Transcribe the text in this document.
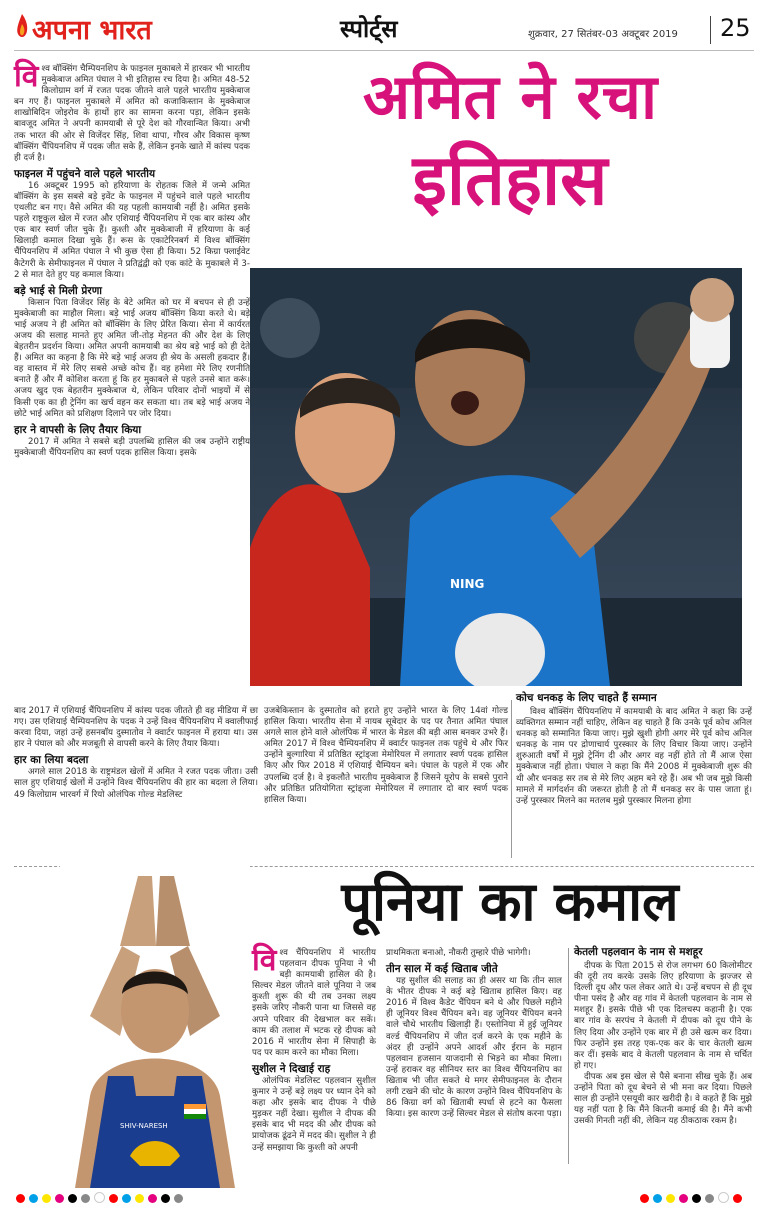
अपना भारत	स्पोर्ट्स	शुक्रवार, 27 सितंबर-03 अक्टूबर 2019 25
अमित ने रचा
इतिहास
वि श्व बॉक्सिंग चैम्पियनशिप के फाइनल मुकाबले में हारकर भी भारतीय मुक्केबाज अमित पंघाल ने भी इतिहास रच दिया है। अमित 48-52 किलोग्राम वर्ग में रजत पदक जीतने वाले पहले भारतीय मुक्केबाज बन गए हैं। फाइनल मुकाबले में अमित को कजाकिस्तान के मुक्केबाज शाखोबिदिन जोइरोव के हाथों हार का सामना करना पड़ा, लेकिन इसके बावजूद अमित ने अपनी कामयाबी से पूरे देश को गौरवान्वित किया। अभी तक भारत की ओर से विजेंदर सिंह, शिवा थापा, गौरव और विकास कृष्ण बॉक्सिंग चैंपियनशिप में पदक जीत सके हैं, लेकिन इनके खाते में कांस्य पदक ही दर्ज है।

फाइनल में पहुंचने वाले पहले भारतीय

16 अक्टूबर 1995 को हरियाणा के रोहतक जिले में जन्मे अमित बॉक्सिंग के इस सबसे बड़े इवेंट के फाइनल में पहुंचने वाले पहले भारतीय एथलीट बन गए। वैसे अमित की यह पहली कामयाबी नहीं है। अमित इसके पहले राष्ट्रकुल खेल में रजत और एशियाई चैंपियनशिप में एक बार कांस्य और एक बार स्वर्ण जीत चुके हैं। कुश्ती और मुक्केबाजी में हरियाणा के कई खिलाड़ी कमाल दिखा चुके हैं। रूस के एकाटेरिनबर्ग में विश्व बॉक्सिंग चैंपियनशिप में अमित पंघाल ने भी कुछ ऐसा ही किया। 52 किग्रा फ्लाईवेट कैटेगरी के सेमीफाइनल में पंघाल ने प्रतिद्वंद्वी को एक कांटे के मुकाबले में 3-2 से मात देते हुए यह कमाल किया।

बड़े भाई से मिली प्रेरणा

किसान पिता विजेंदर सिंह के बेटे अमित को घर में बचपन से ही उन्हें मुक्केबाजी का माहौल मिला। बड़े भाई अजय बॉक्सिंग किया करते थे। बड़े भाई अजय ने ही अमित को बॉक्सिंग के लिए प्रेरित किया। सेना में कार्यरत अजय की सलाह मानते हुए अमित जी-तोड़ मेहनत की और देश के लिए बेहतरीन प्रदर्शन किया। अमित अपनी कामयाबी का श्रेय बड़े भाई को ही देते हैं। अमित का कहना है कि मेरे बड़े भाई अजय ही श्रेय के असली हकदार हैं। वह वास्तव में मेरे लिए सबसे अच्छे कोच हैं। वह हमेशा मेरे लिए रणनीति बनाते हैं और मैं कोशिश करता हूं कि हर मुकाबले से पहले उनसे बात करूं। अजय खुद एक बेहतरीन मुक्केबाज थे, लेकिन परिवार दोनों भाइयों में से किसी एक का ही ट्रेनिंग का खर्च वहन कर सकता था। तब बड़े भाई अजय ने छोटे भाई अमित को प्रशिक्षण दिलाने पर जोर दिया।

हार ने वापसी के लिए तैयार किया

2017 में अमित ने सबसे बड़ी उपलब्धि हासिल की जब उन्होंने राष्ट्रीय मुक्केबाजी चैंपियनशिप का स्वर्ण पदक हासिल किया। इसके

NING

बाद 2017 में एशियाई चैंपियनशिप में कांस्य पदक जीतते ही वह मीडिया में छा गए। उस एशियाई चैम्पियनशिप के पदक ने उन्हें विश्व चैंपियनशिप में क्वालीफाई करवा दिया, जहां उन्हें हसनबॉय दुस्मातोव ने क्वार्टर फाइनल में हराया था। उस हार ने पंघाल को और मजबूती से वापसी करने के लिए तैयार किया।

हार का लिया बदला

अगले साल 2018 के राष्ट्रमंडल खेलों में अमित ने रजत पदक जीता। उसी साल हुए एशियाई खेलों में उन्होंने विश्व चैंपियनशिप की हार का बदला ले लिया। 49 किलोग्राम भारवर्ग में रियो ओलंपिक गोल्ड मेडलिस्ट

उजबेकिस्तान के दुस्मातोव को हराते हुए उन्होंने भारत के लिए 14वां गोल्ड हासिल किया। भारतीय सेना में नायब सूबेदार के पद पर तैनात अमित पंघाल अगले साल होने वाले ओलंपिक में भारत के मेडल की बड़ी आस बनकर उभरे हैं। अमित 2017 में विश्व चैम्पियनशिप में क्वार्टर फाइनल तक पहुंचे थे और फिर उन्होंने बुल्गारिया में प्रतिष्ठित स्ट्रांड्जा मेमोरियल में लगातार स्वर्ण पदक हासिल किए और फिर 2018 में एशियाई चैम्पियन बने। पंघाल के पहले में एक और उपलब्धि दर्ज है। वे इकलौते भारतीय मुक्केबाज हैं जिसने यूरोप के सबसे पुराने और प्रतिष्ठित प्रतियोगिता स्ट्रांड्जा मेमोरियल में लगातार दो बार स्वर्ण पदक हासिल किया।

कोच धनकड़ के लिए चाहते हैं सम्मान

विश्व बॉक्सिंग चैंपियनशिप में कामयाबी के बाद अमित ने कहा कि उन्हें व्यक्तिगत सम्मान नहीं चाहिए, लेकिन वह चाहते हैं कि उनके पूर्व कोच अनिल धनकड़ को सम्मानित किया जाए। मुझे खुशी होगी अगर मेरे पूर्व कोच अनिल धनकड़ के नाम पर द्रोणाचार्य पुरस्कार के लिए विचार किया जाए। उन्होंने शुरुआती वर्षों में मुझे ट्रेनिंग दी और अगर वह नहीं होते तो मैं आज ऐसा मुक्केबाज नहीं होता। पंघाल ने कहा कि मैंने 2008 में मुक्केबाजी शुरू की थी और धनकड़ सर तब से मेरे लिए अहम बने रहे हैं। अब भी जब मुझे किसी मामले में मार्गदर्शन की जरूरत होती है तो मैं धनकड़ सर के पास जाता हूं। उन्हें पुरस्कार मिलने का मतलब मुझे पुरस्कार मिलना होगा

पूनिया का कमाल
SHIV-NARESH
वि श्व चैंपियनशिप में भारतीय पहलवान दीपक पूनिया ने भी बड़ी कामयाबी हासिल की है। सिल्वर मेडल जीतने वाले पूनिया ने जब कुश्ती शुरू की थी तब उनका लक्ष्य इसके जरिए नौकरी पाना था जिससे वह अपने परिवार की देखभाल कर सकें। काम की तलाश में भटक रहे दीपक को 2016 में भारतीय सेना में सिपाही के पद पर काम करने का मौका मिला।

सुशील ने दिखाई राह

ओलंपिक मेडलिस्ट पहलवान सुशील कुमार ने उन्हें बड़े लक्ष्य पर ध्यान देने को कहा और इसके बाद दीपक ने पीछे मुड़कर नहीं देखा। सुशील ने दीपक की इसके बाद भी मदद की और दीपक को प्रायोजक ढूंढने में मदद की। सुशील ने ही उन्हें समझाया कि कुश्ती को अपनी

प्राथमिकता बनाओ, नौकरी तुम्हारे पीछे भागेगी।

तीन साल में कई खिताब जीते

यह सुशील की सलाह का ही असर था कि तीन साल के भीतर दीपक ने कई बड़े खिताब हासिल किए। वह 2016 में विश्व कैडेट चैंपियन बने थे और पिछले महीने ही जूनियर विश्व चैंपियन बने। वह जूनियर चैंपियन बनने वाले चौथे भारतीय खिलाड़ी हैं। एस्तोनिया में हुई जूनियर वर्ल्ड चैंपियनशिप में जीत दर्ज करने के एक महीने के अंदर ही उन्होंने अपने आदर्श और ईरान के महान पहलवान हजसान याजदानी से भिड़ने का मौका मिला। उन्हें हराकर वह सीनियर स्तर का विश्व चैंपियनशिप का खिताब भी जीत सकते थे मगर सेमीफाइनल के दौरान लगी टखने की चोट के कारण उन्होंने विश्व चैंपियनशिप के 86 किग्रा वर्ग को खिताबी स्पर्धा से हटने का फैसला किया। इस कारण उन्हें सिल्वर मेडल से संतोष करना पड़ा।

केतली पहलवान के नाम से मशहूर

दीपक के पिता 2015 से रोज लगभग 60 किलोमीटर की दूरी तय करके उसके लिए हरियाणा के झज्जर से दिल्ली दूध और फल लेकर आते थे। उन्हें बचपन से ही दूध पीना पसंद है और वह गांव में केतली पहलवान के नाम से मशहूर हैं। इसके पीछे भी एक दिलचस्प कहानी है। एक बार गांव के सरपंच ने केतली में दीपक को दूध पीने के लिए दिया और उन्होंने एक बार में ही उसे खत्म कर दिया। फिर उन्होंने इस तरह एक-एक कर के चार केतली खत्म कर दीं। इसके बाद वे केतली पहलवान के नाम से चर्चित हो गए।

दीपक अब इस खेल से पैसे बनाना सीख चुके हैं। अब उन्होंने पिता को दूध बेचने से भी मना कर दिया। पिछले साल ही उन्होंने एसयूवी कार खरीदी है। वे कहते हैं कि मुझे यह नहीं पता है कि मैंने कितनी कमाई की है। मैंने कभी उसकी गिनती नहीं की, लेकिन यह ठीकठाक रकम है।
